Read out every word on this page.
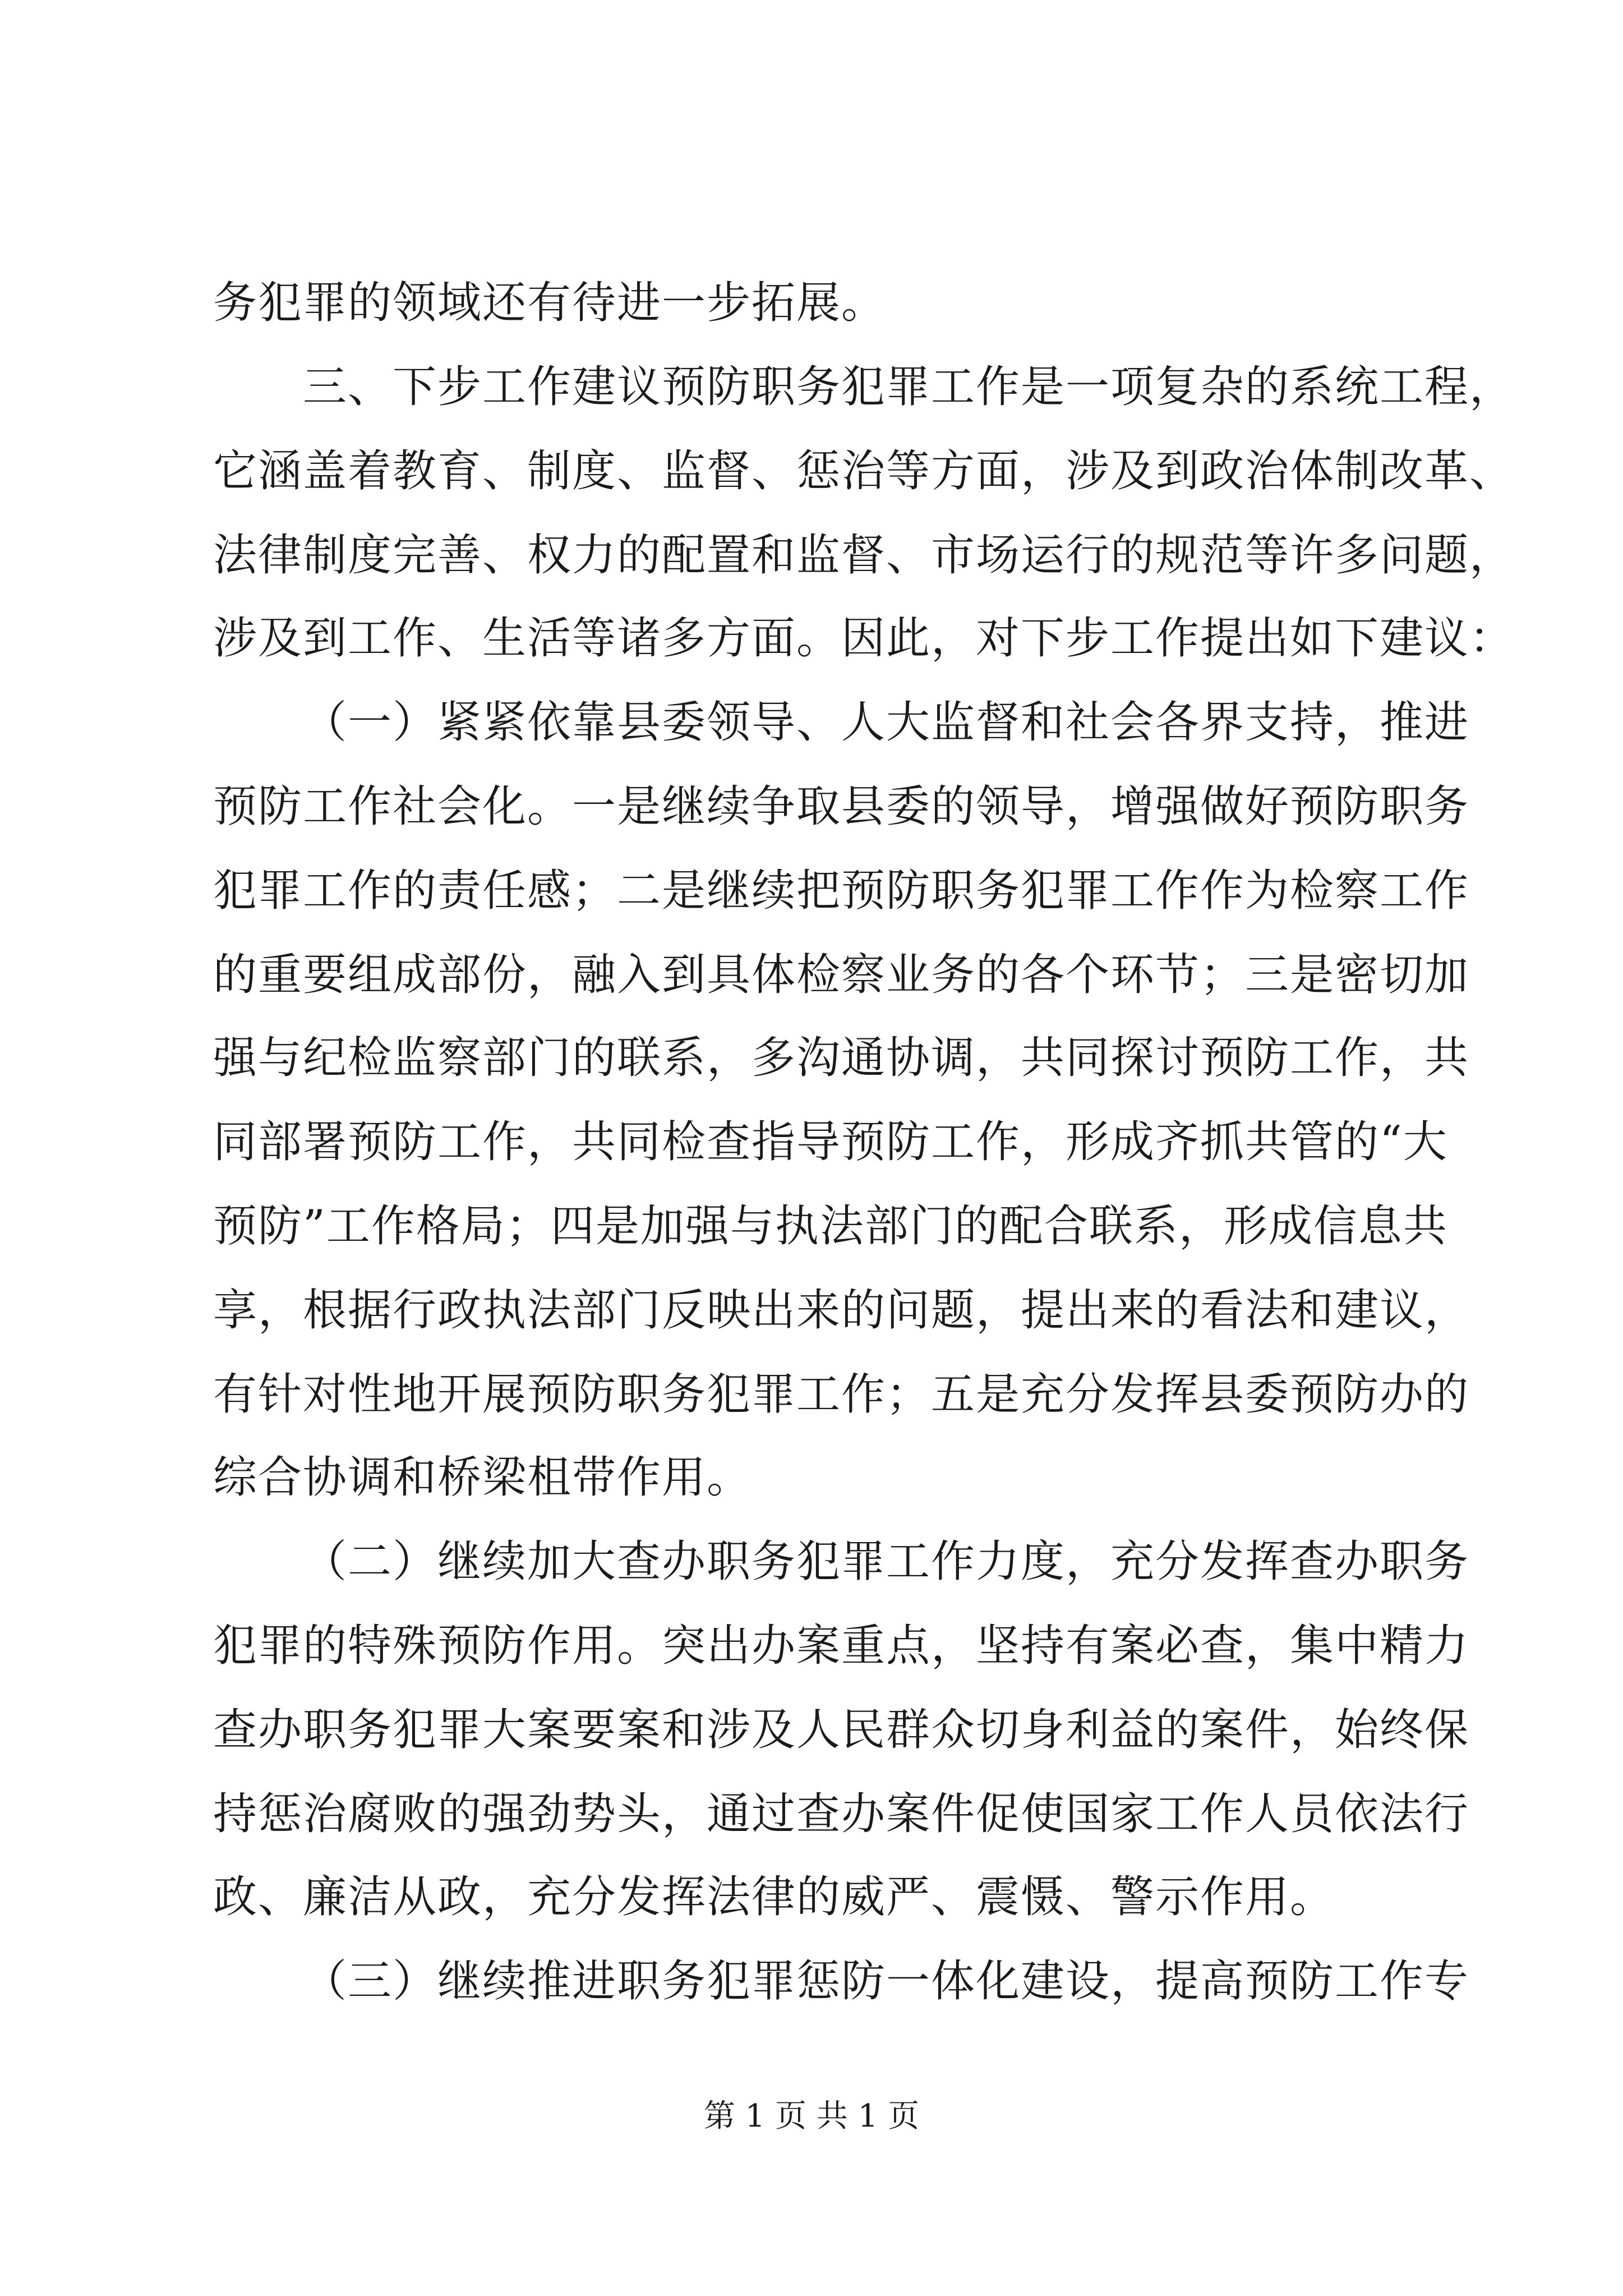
务犯罪的领域还有待进一步拓展。
三、下步工作建议预防职务犯罪工作是一项复杂的系统工程，
它涵盖着教育、制度、监督、惩治等方面，涉及到政治体制改革、
法律制度完善、权力的配置和监督、市场运行的规范等许多问题，
涉及到工作、生活等诸多方面。因此，对下步工作提出如下建议：
（一）紧紧依靠县委领导、人大监督和社会各界支持，推进
预防工作社会化。一是继续争取县委的领导，增强做好预防职务
犯罪工作的责任感；二是继续把预防职务犯罪工作作为检察工作
的重要组成部份，融入到具体检察业务的各个环节；三是密切加
强与纪检监察部门的联系，多沟通协调，共同探讨预防工作，共
同部署预防工作，共同检查指导预防工作，形成齐抓共管的“大
预防”工作格局；四是加强与执法部门的配合联系，形成信息共
享，根据行政执法部门反映出来的问题，提出来的看法和建议，
有针对性地开展预防职务犯罪工作；五是充分发挥县委预防办的
综合协调和桥梁柤带作用。
（二）继续加大查办职务犯罪工作力度，充分发挥查办职务
犯罪的特殊预防作用。突出办案重点，坚持有案必查，集中精力
查办职务犯罪大案要案和涉及人民群众切身利益的案件，始终保
持惩治腐败的强劲势头，通过查办案件促使国家工作人员依法行
政、廉洁从政，充分发挥法律的威严、震慑、警示作用。
（三）继续推进职务犯罪惩防一体化建设，提高预防工作专
第 1 页 共 1 页
